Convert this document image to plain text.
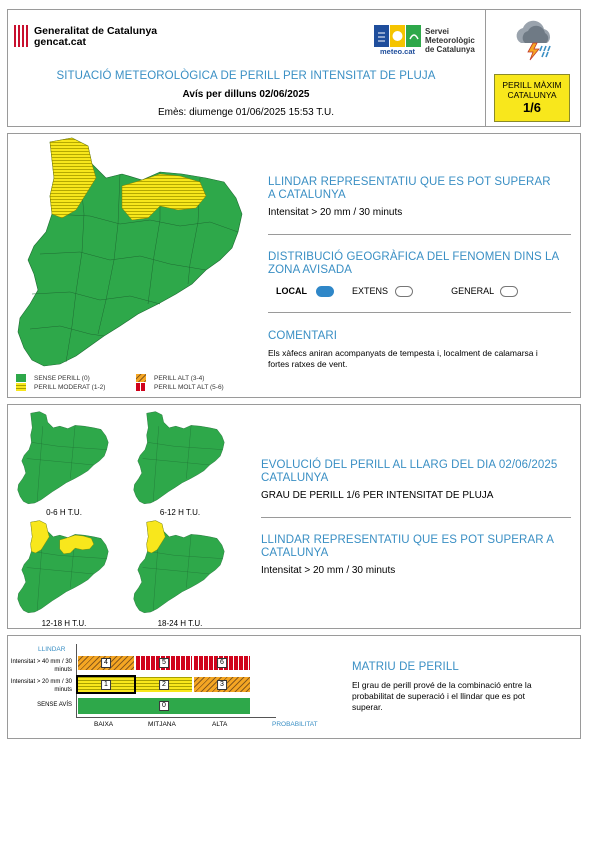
Generalitat de Catalunya
gencat.cat
meteo.cat
Servei
Meteorològic
de Catalunya
SITUACIÓ METEOROLÒGICA DE PERILL PER INTENSITAT DE PLUJA
Avís per dilluns 02/06/2025
Emès: diumenge 01/06/2025 15:53 T.U.
PERILL MÀXIM
CATALUNYA
1/6
SENSE PERILL (0)
PERILL MODERAT (1-2)
PERILL ALT (3-4)
PERILL MOLT ALT (5-6)
LLINDAR REPRESENTATIU QUE ES POT SUPERAR A CATALUNYA
Intensitat > 20 mm / 30 minuts
DISTRIBUCIÓ GEOGRÀFICA DEL FENOMEN DINS LA ZONA AVISADA
LOCAL	EXTENS	GENERAL
COMENTARI
Els xàfecs aniran acompanyats de tempesta i, localment de calamarsa i fortes ratxes de vent.
0-6 H T.U.	6-12 H T.U.
12-18 H T.U.	18-24 H T.U.
EVOLUCIÓ DEL PERILL AL LLARG DEL DIA 02/06/2025 CATALUNYA
GRAU DE PERILL 1/6 PER INTENSITAT DE PLUJA
LLINDAR REPRESENTATIU QUE ES POT SUPERAR A CATALUNYA
Intensitat > 20 mm / 30 minuts
LLINDAR
Intensitat > 40 mm / 30 minuts
Intensitat > 20 mm / 30 minuts
SENSE AVÍS
4	5	6
1	2	3
0
BAIXA	MITJANA	ALTA	PROBABILITAT
MATRIU DE PERILL
El grau de perill prové de la combinació entre la probabilitat de superació i el llindar que es pot superar.
